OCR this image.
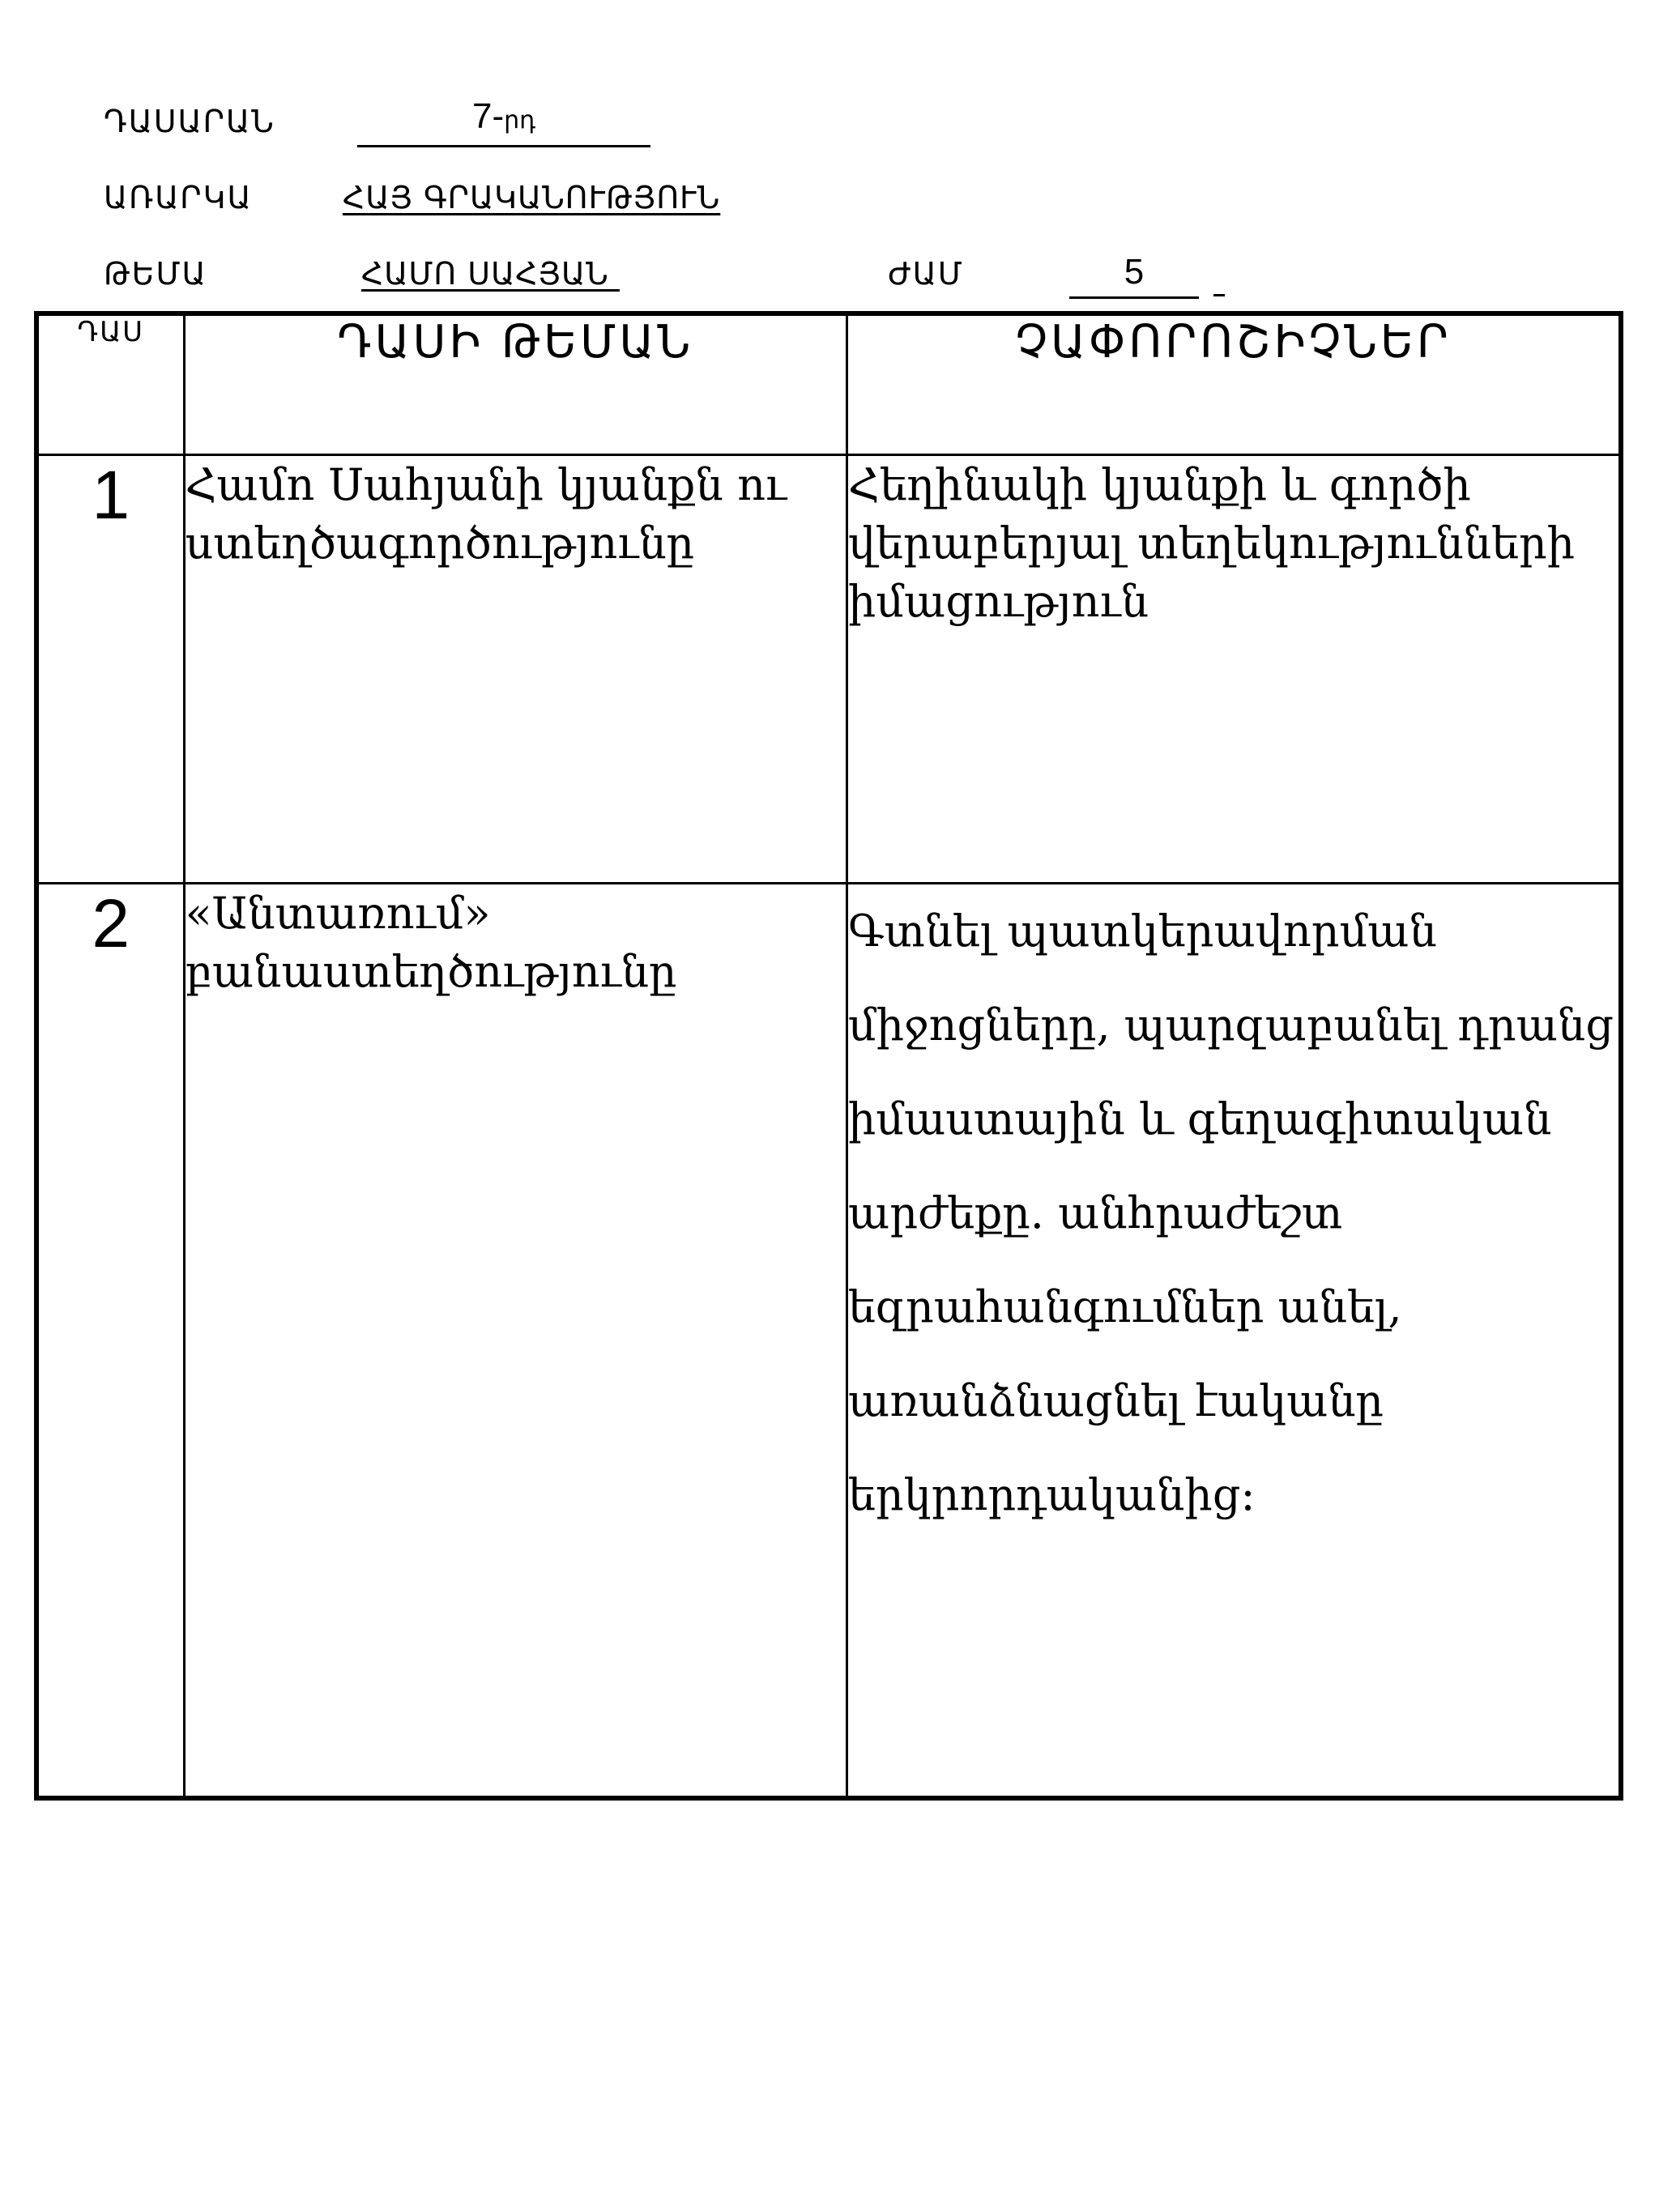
ԴԱՍԱՐԱՆ	7-րդ
ԱՌԱՐԿԱ	ՀԱՅ ԳՐԱԿԱՆՈՒԹՅՈՒՆ
ԹԵՄԱ	ՀԱՄՈ ՍԱՀՅԱՆ	ԺԱՄ	5
ԴԱՍ	ԴԱՍԻ ԹԵՄԱՆ	ՉԱՓՈՐՈՇԻՉՆԵՐ
1	Համո Սահյանի կյանքն ու ստեղծագործությունը	Հեղինակի կյանքի և գործի վերաբերյալ տեղեկությունների իմացություն
2	«Անտառում» բանաստեղծությունը	Գտնել պատկերավորման միջոցները, պարզաբանել դրանց իմաստային և գեղագիտական արժեքը. անհրաժեշտ եզրահանգումներ անել, առանձնացնել էականը երկրորդականից:
